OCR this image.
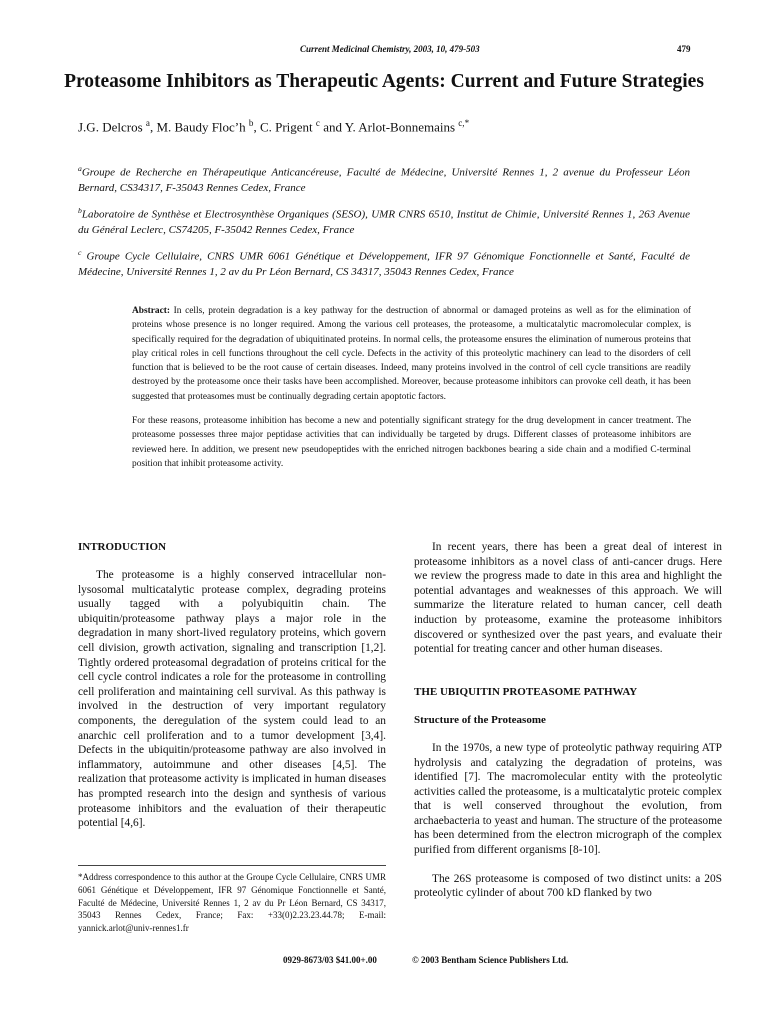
Current Medicinal Chemistry, 2003, 10, 479-503	479
Proteasome Inhibitors as Therapeutic Agents: Current and Future Strategies
J.G. Delcros $^a$, M. Baudy Floc’h $^b$, C. Prigent $^c$ and Y. Arlot-Bonnemains $^{c,*}$
$^a$Groupe de Recherche en Thérapeutique Anticancéreuse, Faculté de Médecine, Université Rennes 1, 2 avenue du Professeur Léon Bernard, CS34317, F-35043 Rennes Cedex, France
$^b$Laboratoire de Synthèse et Electrosynthèse Organiques (SESO), UMR CNRS 6510, Institut de Chimie, Université Rennes 1, 263 Avenue du Général Leclerc, CS74205, F-35042 Rennes Cedex, France
$^c$ Groupe Cycle Cellulaire, CNRS UMR 6061 Génétique et Développement, IFR 97 Génomique Fonctionnelle et Santé, Faculté de Médecine, Université Rennes 1, 2 av du Pr Léon Bernard, CS 34317, 35043 Rennes Cedex, France

Abstract: In cells, protein degradation is a key pathway for the destruction of abnormal or damaged proteins as well as for the elimination of proteins whose presence is no longer required. Among the various cell proteases, the proteasome, a multicatalytic macromolecular complex, is specifically required for the degradation of ubiquitinated proteins. In normal cells, the proteasome ensures the elimination of numerous proteins that play critical roles in cell functions throughout the cell cycle. Defects in the activity of this proteolytic machinery can lead to the disorders of cell function that is believed to be the root cause of certain diseases. Indeed, many proteins involved in the control of cell cycle transitions are readily destroyed by the proteasome once their tasks have been accomplished. Moreover, because proteasome inhibitors can provoke cell death, it has been suggested that proteasomes must be continually degrading certain apoptotic factors.

For these reasons, proteasome inhibition has become a new and potentially significant strategy for the drug development in cancer treatment. The proteasome possesses three major peptidase activities that can individually be targeted by drugs. Different classes of proteasome inhibitors are reviewed here. In addition, we present new pseudopeptides with the enriched nitrogen backbones bearing a side chain and a modified C-terminal position that inhibit proteasome activity.

INTRODUCTION

The proteasome is a highly conserved intracellular non-lysosomal multicatalytic protease complex, degrading proteins usually tagged with a polyubiquitin chain. The ubiquitin/proteasome pathway plays a major role in the degradation in many short-lived regulatory proteins, which govern cell division, growth activation, signaling and transcription [1,2]. Tightly ordered proteasomal degradation of proteins critical for the cell cycle control indicates a role for the proteasome in controlling cell proliferation and maintaining cell survival. As this pathway is involved in the destruction of very important regulatory components, the deregulation of the system could lead to an anarchic cell proliferation and to a tumor development [3,4]. Defects in the ubiquitin/proteasome pathway are also involved in inflammatory, autoimmune and other diseases [4,5]. The realization that proteasome activity is implicated in human diseases has prompted research into the design and synthesis of various proteasome inhibitors and the evaluation of their therapeutic potential [4,6].

*Address correspondence to this author at the Groupe Cycle Cellulaire, CNRS UMR 6061 Génétique et Développement, IFR 97 Génomique Fonctionnelle et Santé, Faculté de Médecine, Université Rennes 1, 2 av du Pr Léon Bernard, CS 34317, 35043 Rennes Cedex, France; Fax: +33(0)2.23.23.44.78; E-mail: yannick.arlot@univ-rennes1.fr

In recent years, there has been a great deal of interest in proteasome inhibitors as a novel class of anti-cancer drugs. Here we review the progress made to date in this area and highlight the potential advantages and weaknesses of this approach. We will summarize the literature related to human cancer, cell death induction by proteasome, examine the proteasome inhibitors discovered or synthesized over the past years, and evaluate their potential for treating cancer and other human diseases.

THE UBIQUITIN PROTEASOME PATHWAY

Structure of the Proteasome

In the 1970s, a new type of proteolytic pathway requiring ATP hydrolysis and catalyzing the degradation of proteins, was identified [7]. The macromolecular entity with the proteolytic activities called the proteasome, is a multicatalytic proteic complex that is well conserved throughout the evolution, from archaebacteria to yeast and human. The structure of the proteasome has been determined from the electron micrograph of the complex purified from different organisms [8-10].

The 26S proteasome is composed of two distinct units: a 20S proteolytic cylinder of about 700 kD flanked by two

0929-8673/03 $41.00+.00	© 2003 Bentham Science Publishers Ltd.
